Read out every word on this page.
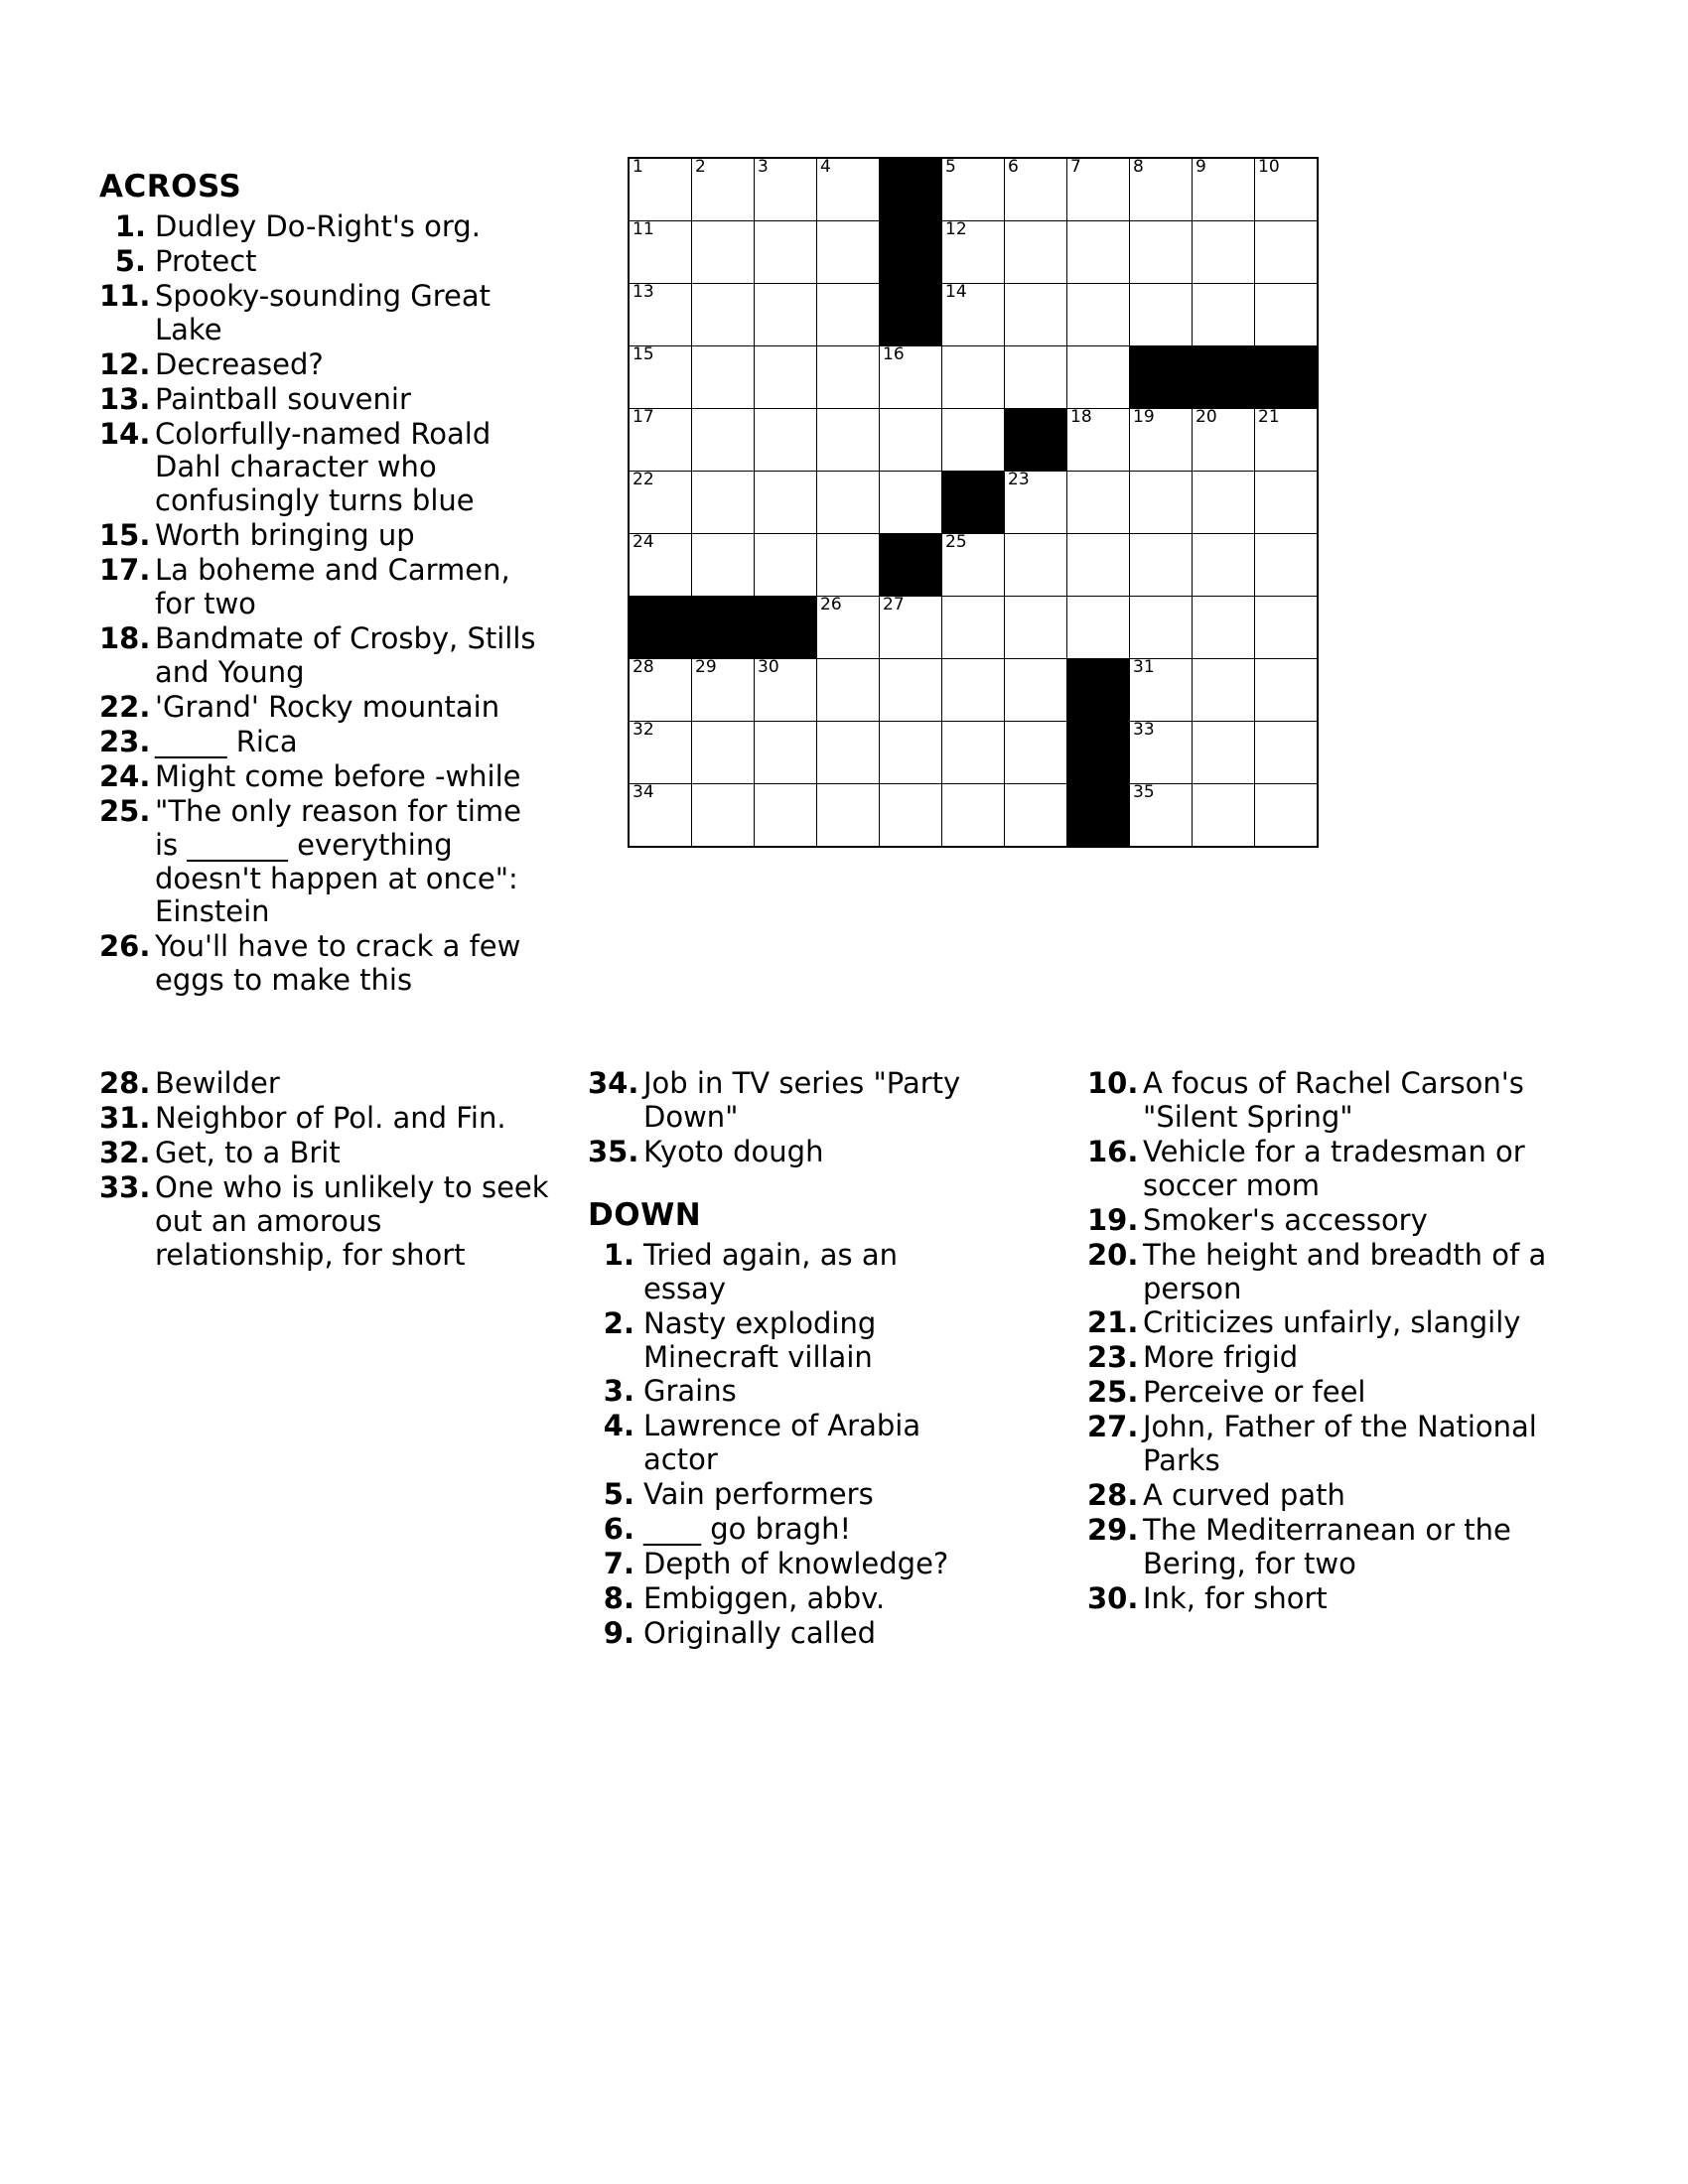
ACROSS
1. Dudley Do-Right's org.
5. Protect
11. Spooky-sounding Great Lake
12. Decreased?
13. Paintball souvenir
14. Colorfully-named Roald Dahl character who confusingly turns blue
15. Worth bringing up
17. La boheme and Carmen, for two
18. Bandmate of Crosby, Stills and Young
22. 'Grand' Rocky mountain
23. _____ Rica
24. Might come before -while
25. "The only reason for time is _______ everything doesn't happen at once": Einstein
26. You'll have to crack a few eggs to make this
1	2	3	4		5	6	7	8	9	10

11					12					

13					14					

15				16						

17							18	19	20	21

22						23				

24					25					

			26	27						

28	29	30						31		

32								33		

34								35		

28. Bewilder
31. Neighbor of Pol. and Fin.
32. Get, to a Brit
33. One who is unlikely to seek out an amorous relationship, for short
34. Job in TV series "Party Down"
35. Kyoto dough
DOWN
1. Tried again, as an essay
2. Nasty exploding Minecraft villain
3. Grains
4. Lawrence of Arabia actor
5. Vain performers
6. ____ go bragh!
7. Depth of knowledge?
8. Embiggen, abbv.
9. Originally called
10. A focus of Rachel Carson's "Silent Spring"
16. Vehicle for a tradesman or soccer mom
19. Smoker's accessory
20. The height and breadth of a person
21. Criticizes unfairly, slangily
23. More frigid
25. Perceive or feel
27. John, Father of the National Parks
28. A curved path
29. The Mediterranean or the Bering, for two
30. Ink, for short
